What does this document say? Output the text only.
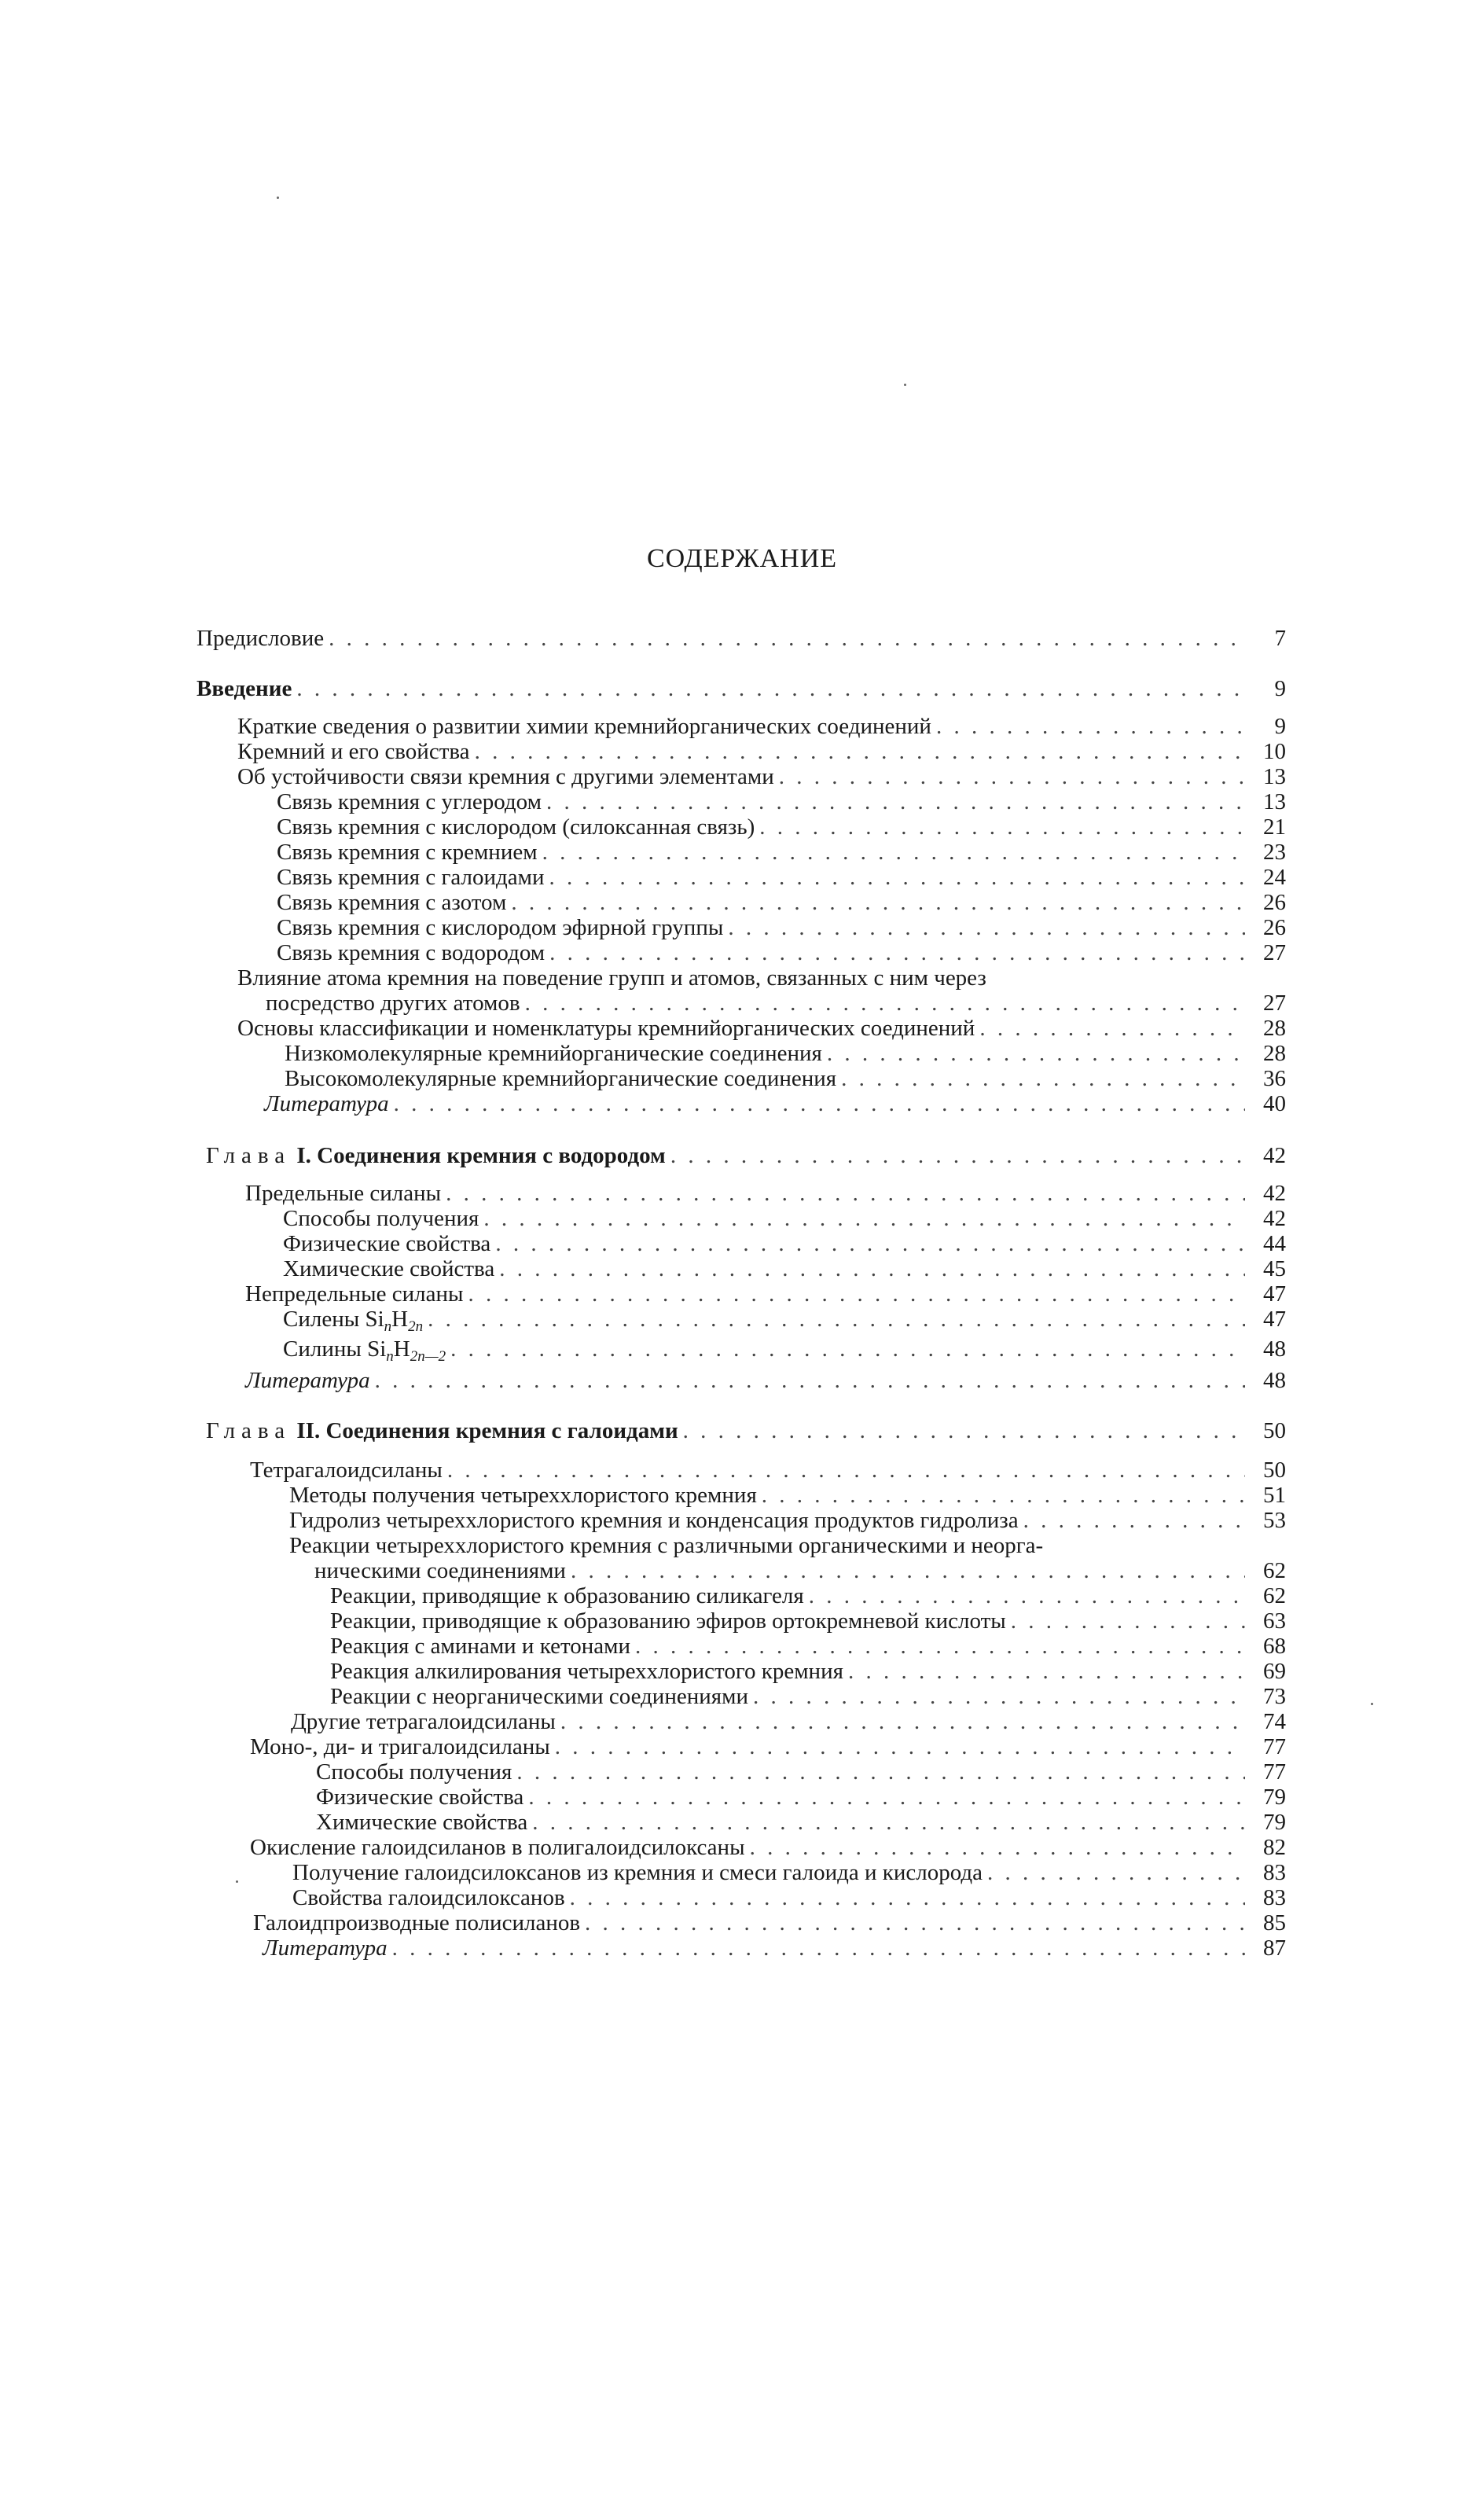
СОДЕРЖАНИЕ
Предисловие . . .	7
Введение . . .	9
Краткие сведения о развитии химии кремнийорганических соединений . . .	9
Кремний и его свойства . . .	10
Об устойчивости связи кремния с другими элементами . . .	13
Связь кремния с углеродом . . .	13
Связь кремния с кислородом (силоксанная связь) . . .	21
Связь кремния с кремнием . . .	23
Связь кремния с галоидами . . .	24
Связь кремния с азотом . . .	26
Связь кремния с кислородом эфирной группы . . .	26
Связь кремния с водородом . . .	27
Влияние атома кремния на поведение групп и атомов, связанных с ним через
посредство других атомов . . .	27
Основы классификации и номенклатуры кремнийорганических соединений . . .	28
Низкомолекулярные кремнийорганические соединения . . .	28
Высокомолекулярные кремнийорганические соединения . . .	36
Литература . . .	40
Глава I. Соединения кремния с водородом . . .	42
Предельные силаны . . .	42
Способы получения . . .	42
Физические свойства . . .	44
Химические свойства . . .	45
Непредельные силаны . . .	47
Силены $Si_nH_{2n}$ . . .	47
Силины $Si_nH_{2n—2}$ . . .	48
Литература . . .	48
Глава II. Соединения кремния с галоидами . . .	50
Тетрагалоидсиланы . . .	50
Методы получения четыреххлористого кремния . . .	51
Гидролиз четыреххлористого кремния и конденсация продуктов гидролиза . . .	53
Реакции четыреххлористого кремния с различными органическими и неорга-
ническими соединениями . . .	62
Реакции, приводящие к образованию силикагеля . . .	62
Реакции, приводящие к образованию эфиров ортокремневой кислоты . . .	63
Реакция с аминами и кетонами . . .	68
Реакция алкилирования четыреххлористого кремния . . .	69
Реакции с неорганическими соединениями . . .	73
Другие тетрагалоидсиланы . . .	74
Моно-, ди- и тригалоидсиланы . . .	77
Способы получения . . .	77
Физические свойства . . .	79
Химические свойства . . .	79
Окисление галоидсиланов в полигалоидсилоксаны . . .	82
Получение галоидсилоксанов из кремния и смеси галоида и кислорода . . .	83
Свойства галоидсилоксанов . . .	83
Галоидпроизводные полисиланов . . .	85
Литература . . .	87
